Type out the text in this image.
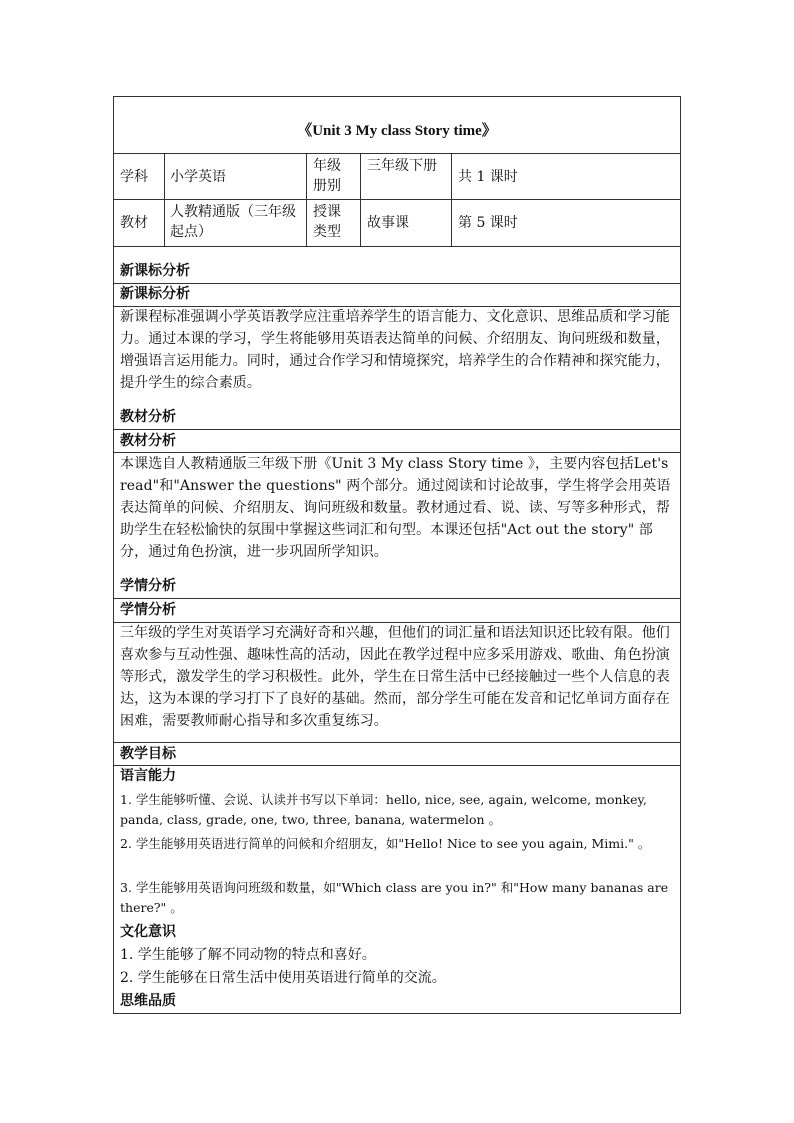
《Unit 3 My class Story time》
学科 小学英语
年级册别
三年级下册
共 1 课时
教材
人教精通版（三年级起点）
授课类型
故事课	第 5 课时
新课标分析
新课标分析
新课程标准强调小学英语教学应注重培养学生的语言能力、文化意识、思维品质和学习能力。通过本课的学习，学生将能够用英语表达简单的问候、介绍朋友、询问班级和数量，增强语言运用能力。同时，通过合作学习和情境探究，培养学生的合作精神和探究能力，提升学生的综合素质。
教材分析
教材分析
本课选自人教精通版三年级下册《Unit 3 My class Story time 》，主要内容包括Let's read"和"Answer the questions" 两个部分。通过阅读和讨论故事，学生将学会用英语表达简单的问候、介绍朋友、询问班级和数量。教材通过看、说、读、写等多种形式，帮助学生在轻松愉快的氛围中掌握这些词汇和句型。本课还包括"Act out the story" 部分，通过角色扮演，进一步巩固所学知识。
学情分析
学情分析
三年级的学生对英语学习充满好奇和兴趣，但他们的词汇量和语法知识还比较有限。他们喜欢参与互动性强、趣味性高的活动，因此在教学过程中应多采用游戏、歌曲、角色扮演等形式，激发学生的学习积极性。此外，学生在日常生活中已经接触过一些个人信息的表达，这为本课的学习打下了良好的基础。然而，部分学生可能在发音和记忆单词方面存在困难，需要教师耐心指导和多次重复练习。
教学目标
语言能力
1. 学生能够听懂、会说、认读并书写以下单词：hello, nice, see, again, welcome, monkey, panda, class, grade, one, two, three, banana, watermelon 。
2. 学生能够用英语进行简单的问候和介绍朋友，如"Hello! Nice to see you again, Mimi." 。
3. 学生能够用英语询问班级和数量，如"Which class are you in?" 和"How many bananas are there?" 。
文化意识
1. 学生能够了解不同动物的特点和喜好。
2. 学生能够在日常生活中使用英语进行简单的交流。
思维品质
